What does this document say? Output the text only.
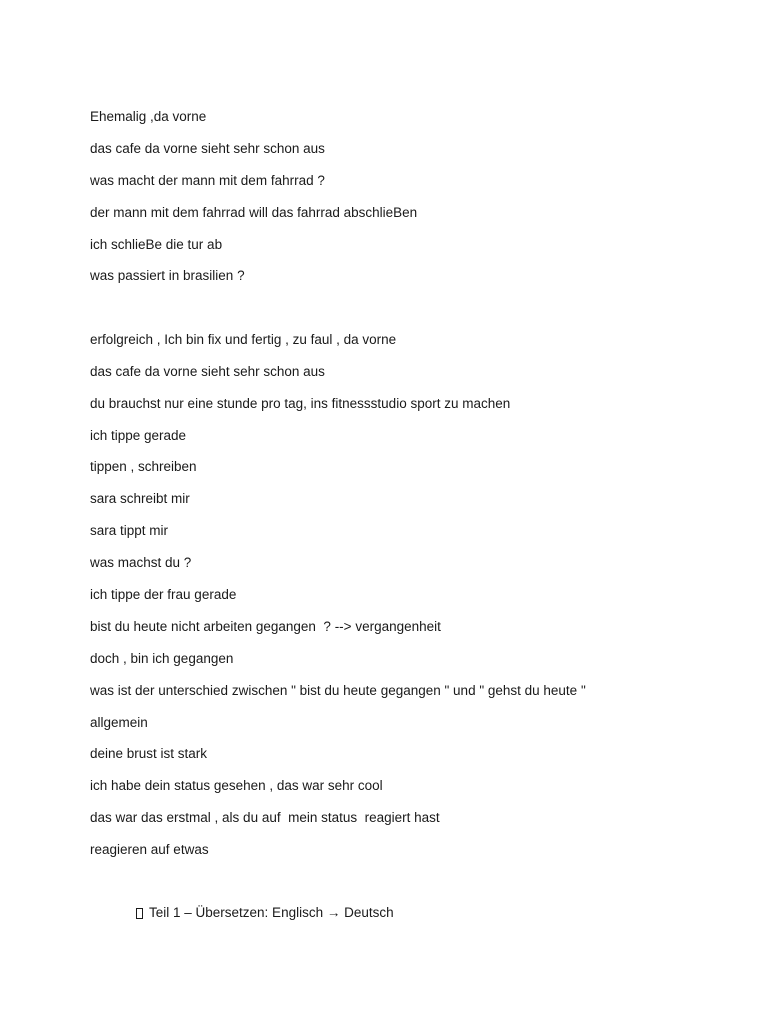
Ehemalig ,da vorne
das cafe da vorne sieht sehr schon aus
was macht der mann mit dem fahrrad ?
der mann mit dem fahrrad will das fahrrad abschlieBen
ich schlieBe die tur ab
was passiert in brasilien ?
erfolgreich , Ich bin fix und fertig , zu faul , da vorne
das cafe da vorne sieht sehr schon aus
du brauchst nur eine stunde pro tag, ins fitnessstudio sport zu machen
ich tippe gerade
tippen , schreiben
sara schreibt mir
sara tippt mir
was machst du ?
ich tippe der frau gerade
bist du heute nicht arbeiten gegangen  ? --> vergangenheit
doch , bin ich gegangen
was ist der unterschied zwischen " bist du heute gegangen " und " gehst du heute "
allgemein
deine brust ist stark
ich habe dein status gesehen , das war sehr cool
das war das erstmal , als du auf  mein status  reagiert hast
reagieren auf etwas
Teil 1 – Übersetzen: Englisch → Deutsch
